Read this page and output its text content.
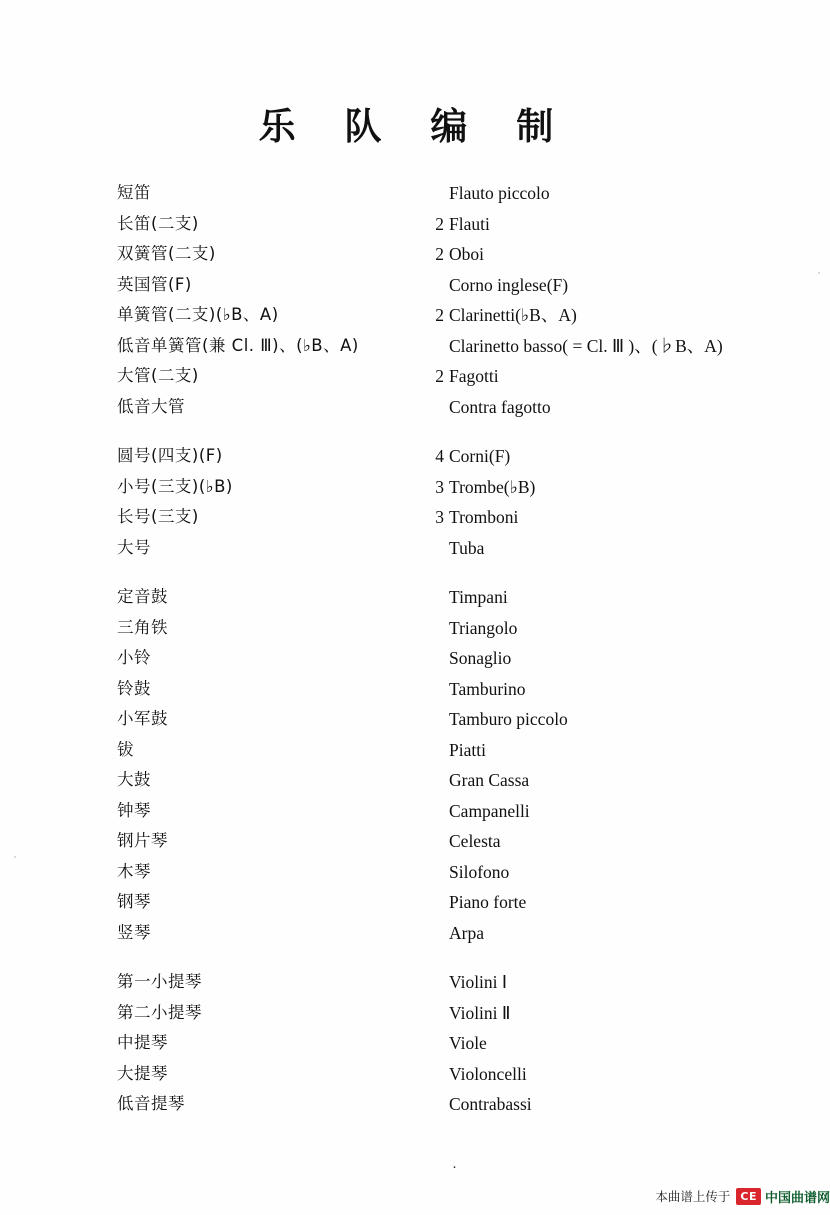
乐 队 编 制
短笛	Flauto piccolo
长笛(二支)	2 Flauti
双簧管(二支)	2 Oboi
英国管(F)	Corno inglese(F)
单簧管(二支)(♭B、A)	2 Clarinetti(♭B、A)
低音单簧管(兼 Cl. Ⅲ)、(♭B、A)	Clarinetto basso( = Cl. Ⅲ )、(♭B、A)
大管(二支)	2 Fagotti
低音大管	Contra fagotto
圆号(四支)(F)	4 Corni(F)
小号(三支)(♭B)	3 Trombe(♭B)
长号(三支)	3 Tromboni
大号	Tuba
定音鼓	Timpani
三角铁	Triangolo
小铃	Sonaglio
铃鼓	Tamburino
小军鼓	Tamburo piccolo
钹	Piatti
大鼓	Gran Cassa
钟琴	Campanelli
钢片琴	Celesta
木琴	Silofono
钢琴	Piano forte
竖琴	Arpa
第一小提琴	Violini Ⅰ
第二小提琴	Violini Ⅱ
中提琴	Viole
大提琴	Violoncelli
低音提琴	Contrabassi
·
本曲谱上传于 CE 中国曲谱网
